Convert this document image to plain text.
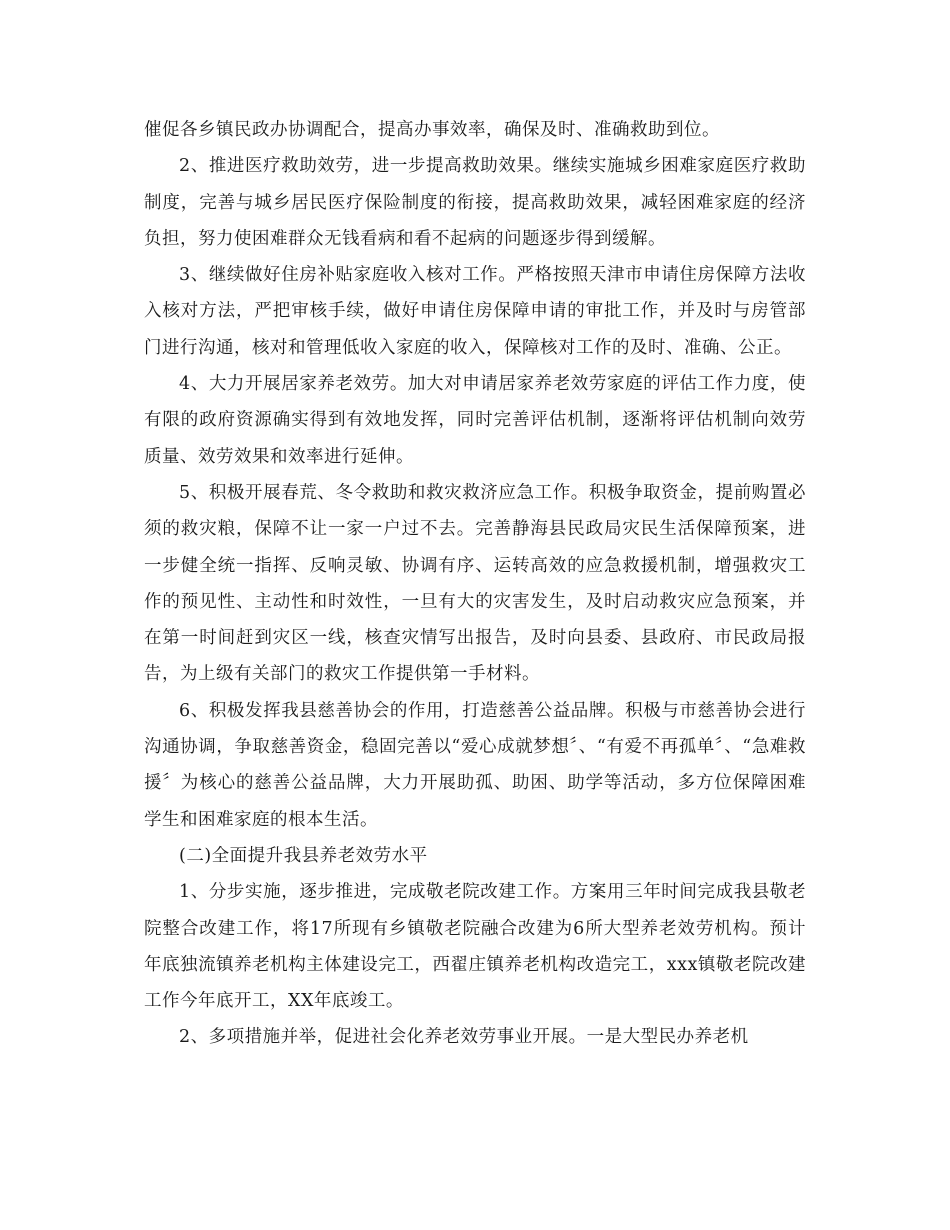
催促各乡镇民政办协调配合，提高办事效率，确保及时、准确救助到位。

2、推进医疗救助效劳，进一步提高救助效果。继续实施城乡困难家庭医疗救助制度，完善与城乡居民医疗保险制度的衔接，提高救助效果，减轻困难家庭的经济负担，努力使困难群众无钱看病和看不起病的问题逐步得到缓解。

3、继续做好住房补贴家庭收入核对工作。严格按照天津市申请住房保障方法收入核对方法，严把审核手续，做好申请住房保障申请的审批工作，并及时与房管部门进行沟通，核对和管理低收入家庭的收入，保障核对工作的及时、准确、公正。

4、大力开展居家养老效劳。加大对申请居家养老效劳家庭的评估工作力度，使有限的政府资源确实得到有效地发挥，同时完善评估机制，逐渐将评估机制向效劳质量、效劳效果和效率进行延伸。

5、积极开展春荒、冬令救助和救灾救济应急工作。积极争取资金，提前购置必须的救灾粮，保障不让一家一户过不去。完善静海县民政局灾民生活保障预案，进一步健全统一指挥、反响灵敏、协调有序、运转高效的应急救援机制，增强救灾工作的预见性、主动性和时效性，一旦有大的灾害发生，及时启动救灾应急预案，并在第一时间赶到灾区一线，核查灾情写出报告，及时向县委、县政府、市民政局报告，为上级有关部门的救灾工作提供第一手材料。

6、积极发挥我县慈善协会的作用，打造慈善公益品牌。积极与市慈善协会进行沟通协调，争取慈善资金，稳固完善以“爱心成就梦想〞、“有爱不再孤单〞、“急难救援〞为核心的慈善公益品牌，大力开展助孤、助困、助学等活动，多方位保障困难学生和困难家庭的根本生活。

(二)全面提升我县养老效劳水平

1、分步实施，逐步推进，完成敬老院改建工作。方案用三年时间完成我县敬老院整合改建工作，将17所现有乡镇敬老院融合改建为6所大型养老效劳机构。预计年底独流镇养老机构主体建设完工，西翟庄镇养老机构改造完工，xxx镇敬老院改建工作今年底开工，XX年底竣工。

2、多项措施并举，促进社会化养老效劳事业开展。一是大型民办养老机
